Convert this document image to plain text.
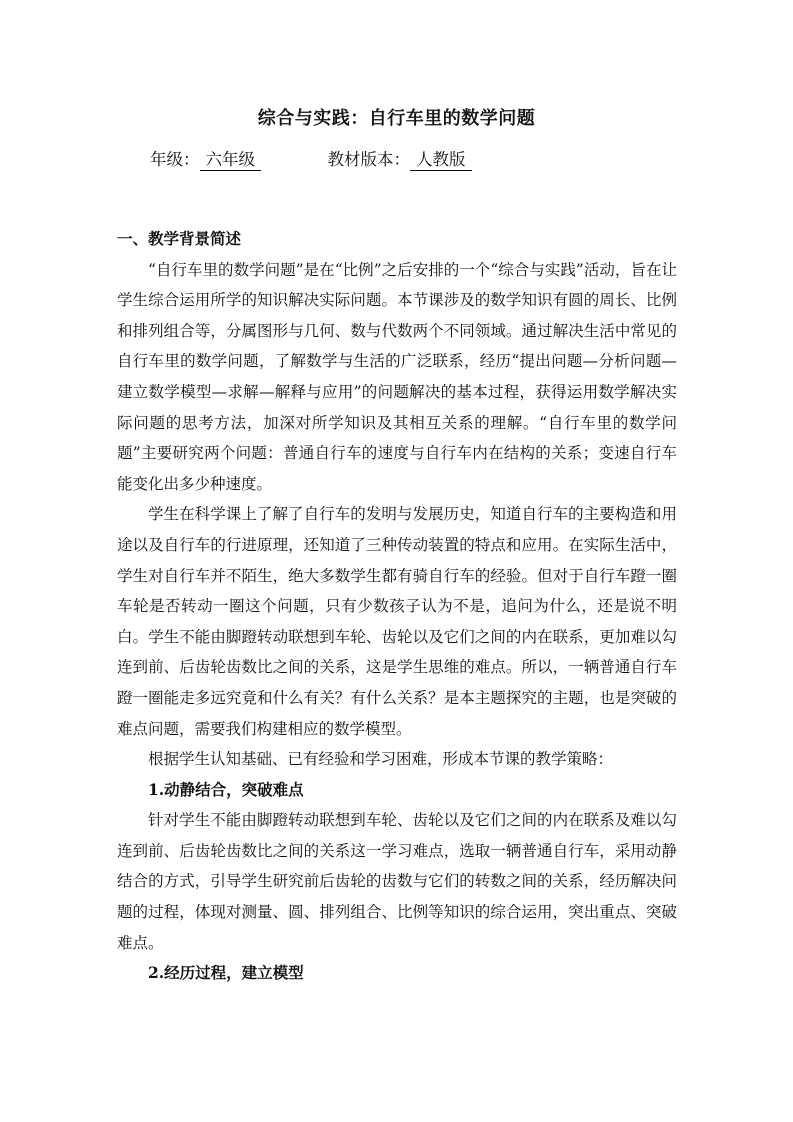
综合与实践：自行车里的数学问题
年级： 六年级	教材版本： 人教版

一、教学背景简述

“自行车里的数学问题”是在“比例”之后安排的一个“综合与实践”活动，旨在让学生综合运用所学的知识解决实际问题。本节课涉及的数学知识有圆的周长、比例和排列组合等，分属图形与几何、数与代数两个不同领域。通过解决生活中常见的自行车里的数学问题，了解数学与生活的广泛联系，经历“提出问题—分析问题—建立数学模型—求解—解释与应用”的问题解决的基本过程，获得运用数学解决实际问题的思考方法，加深对所学知识及其相互关系的理解。“自行车里的数学问题”主要研究两个问题：普通自行车的速度与自行车内在结构的关系；变速自行车能变化出多少种速度。

学生在科学课上了解了自行车的发明与发展历史，知道自行车的主要构造和用途以及自行车的行进原理，还知道了三种传动装置的特点和应用。在实际生活中，学生对自行车并不陌生，绝大多数学生都有骑自行车的经验。但对于自行车蹬一圈车轮是否转动一圈这个问题，只有少数孩子认为不是，追问为什么，还是说不明白。学生不能由脚蹬转动联想到车轮、齿轮以及它们之间的内在联系，更加难以勾连到前、后齿轮齿数比之间的关系，这是学生思维的难点。所以，一辆普通自行车蹬一圈能走多远究竟和什么有关？有什么关系？是本主题探究的主题，也是突破的难点问题，需要我们构建相应的数学模型。

根据学生认知基础、已有经验和学习困难，形成本节课的教学策略：

1.动静结合，突破难点

针对学生不能由脚蹬转动联想到车轮、齿轮以及它们之间的内在联系及难以勾连到前、后齿轮齿数比之间的关系这一学习难点，选取一辆普通自行车，采用动静结合的方式，引导学生研究前后齿轮的齿数与它们的转数之间的关系，经历解决问题的过程，体现对测量、圆、排列组合、比例等知识的综合运用，突出重点、突破难点。

2.经历过程，建立模型
